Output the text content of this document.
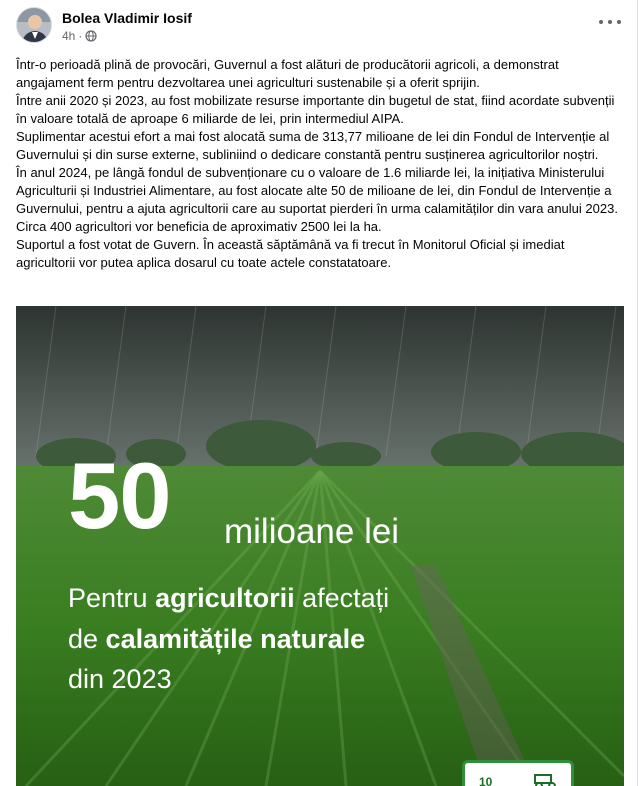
Bolea Vladimir Iosif
4h ·

Într-o perioadă plină de provocări, Guvernul a fost alături de producătorii agricoli, a demonstrat angajament ferm pentru dezvoltarea unei agriculturi sustenabile și a oferit sprijin.

Între anii 2020 și 2023, au fost mobilizate resurse importante din bugetul de stat, fiind acordate subvenții în valoare totală de aproape 6 miliarde de lei, prin intermediul AIPA.

Suplimentar acestui efort a mai fost alocată suma de 313,77 milioane de lei din Fondul de Intervenție al Guvernului și din surse externe, subliniind o dedicare constantă pentru susținerea agricultorilor noștri.

În anul 2024, pe lângă fondul de subvenționare cu o valoare de 1.6 miliarde lei, la inițiativa Ministerului Agriculturii și Industriei Alimentare, au fost alocate alte 50 de milioane de lei, din Fondul de Intervenție a Guvernului, pentru a ajuta agricultorii care au suportat pierderi în urma calamităților din vara anului 2023. Circa 400 agricultori vor beneficia de aproximativ 2500 lei la ha.

Suportul a fost votat de Guvern. În această săptămână va fi trecut în Monitorul Oficial și imediat agricultorii vor putea aplica dosarul cu toate actele constatatoare.

50 milioane lei
Pentru agricultorii afectați
de calamitățile naturale
din 2023
10
